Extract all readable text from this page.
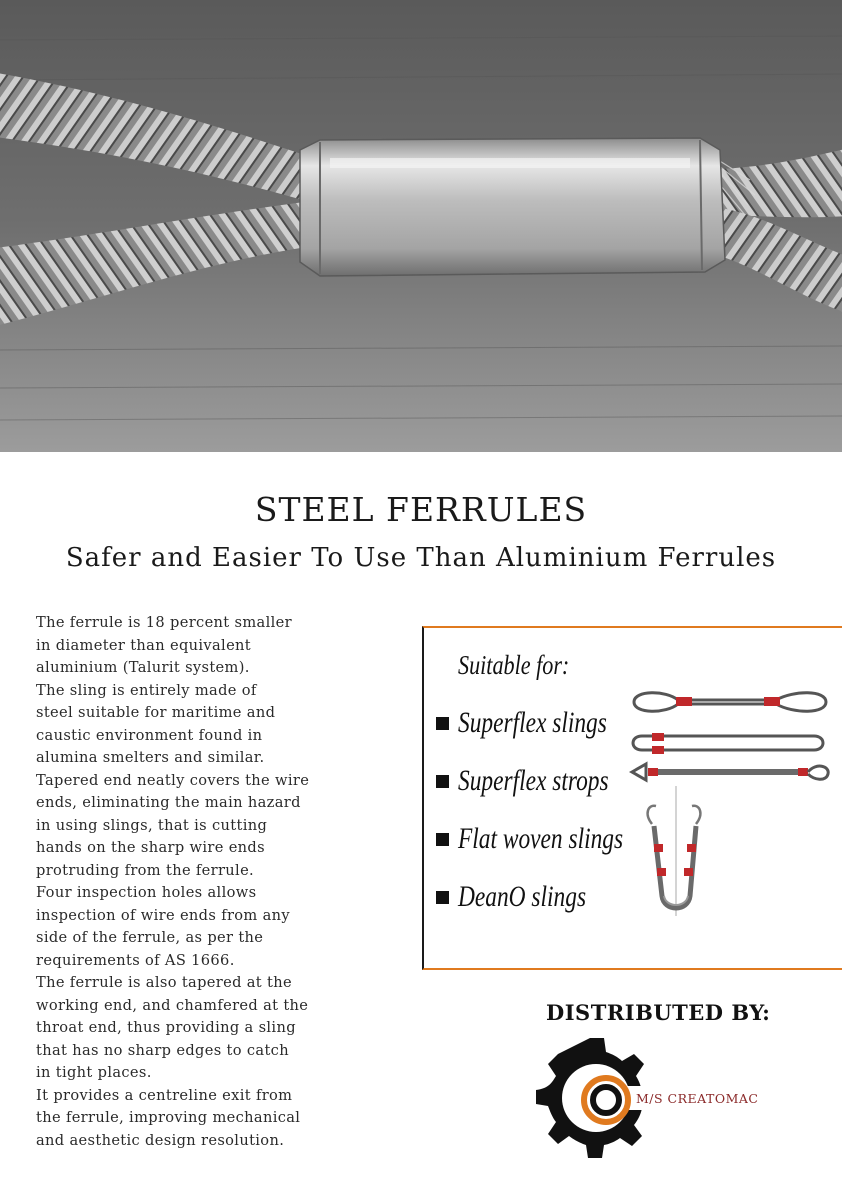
STEEL FERRULES
Safer and Easier To Use Than Aluminium Ferrules
The ferrule is 18 percent smaller
in diameter than equivalent
aluminium (Talurit system).
The sling is entirely made of
steel suitable for maritime and
caustic environment found in
alumina smelters and similar.
Tapered end neatly covers the wire
ends, eliminating the main hazard
in using slings, that is cutting
hands on the sharp wire ends
protruding from the ferrule.
Four inspection holes allows
inspection of wire ends from any
side of the ferrule, as per the
requirements of AS 1666.
The ferrule is also tapered at the
working end, and chamfered at the
throat end, thus providing a sling
that has no sharp edges to catch
in tight places.
It provides a centreline exit from
the ferrule, improving mechanical
and aesthetic design resolution.
Suitable for:
Superflex slings
Superflex strops
Flat woven slings
DeanO slings
DISTRIBUTED BY:
M/S CREATOMAC
